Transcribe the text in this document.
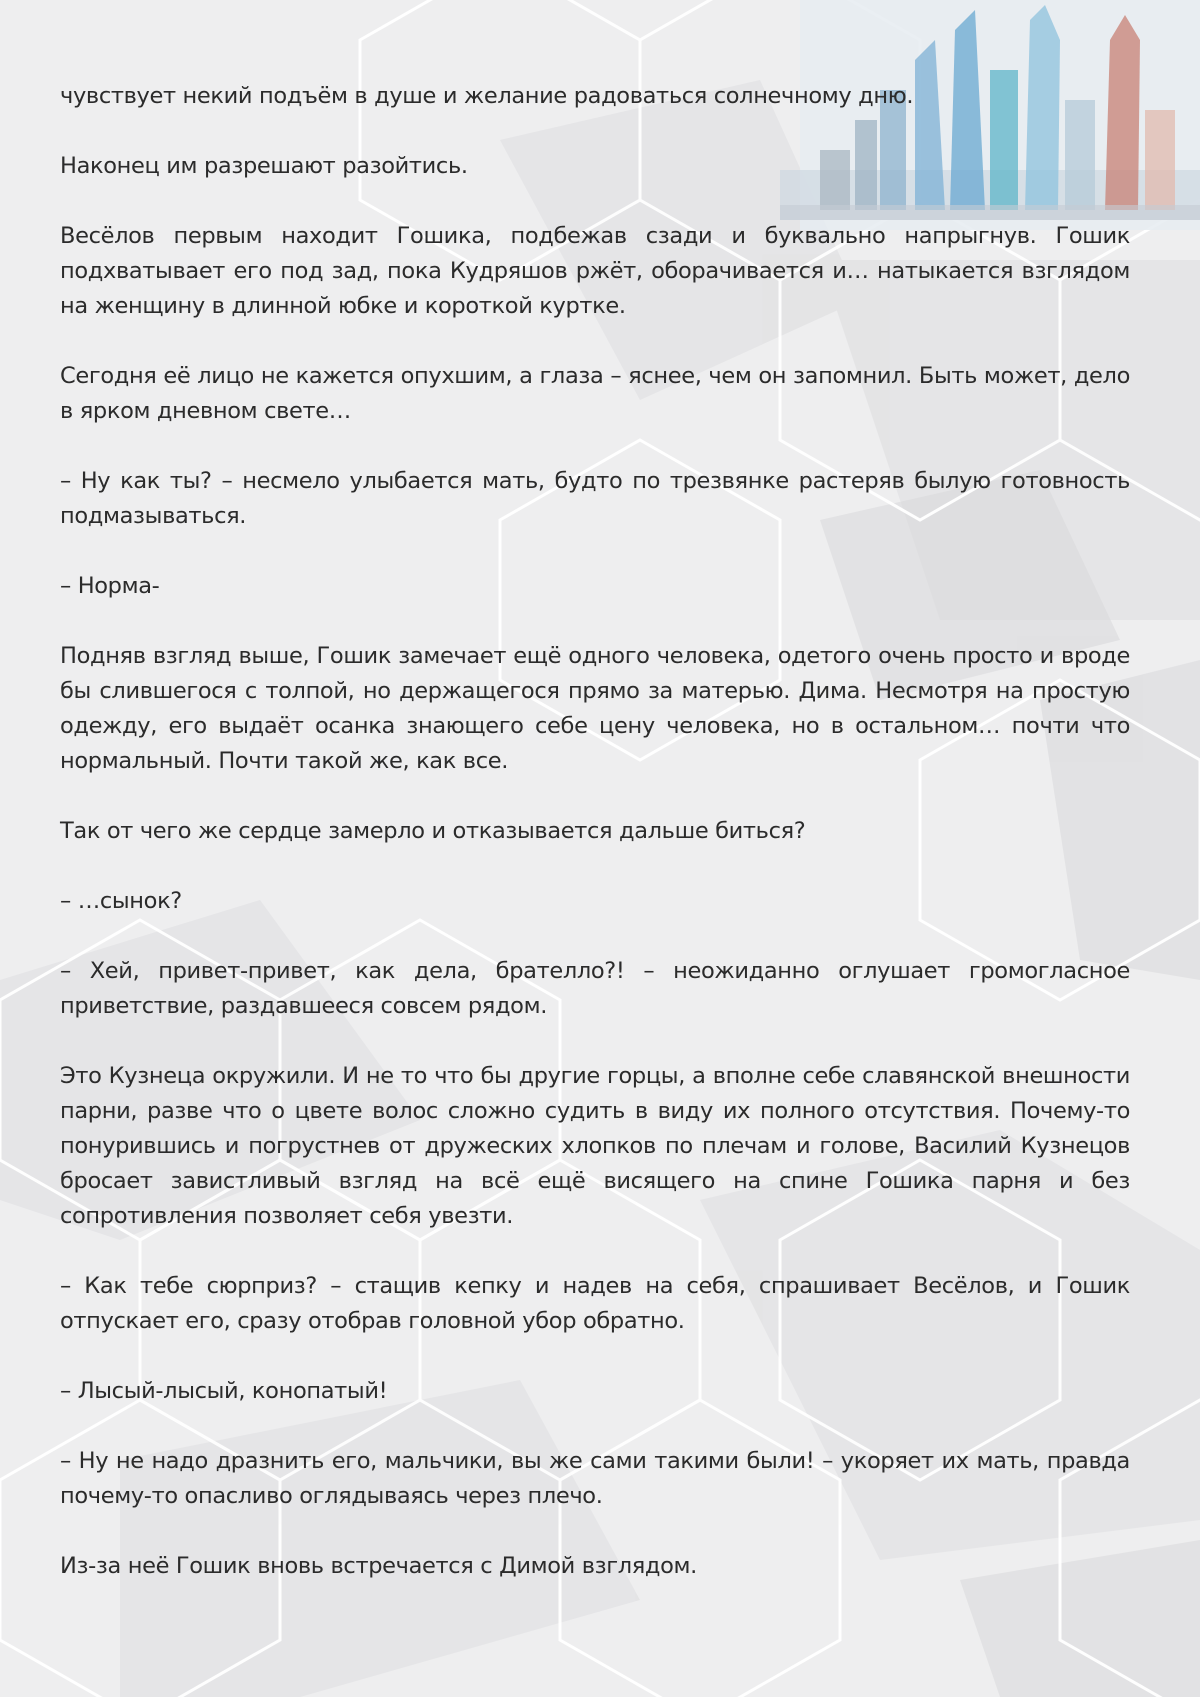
чувствует некий подъём в душе и желание радоваться солнечному дню.

Наконец им разрешают разойтись.

Весёлов первым находит Гошика, подбежав сзади и буквально напрыгнув. Гошик подхватывает его под зад, пока Кудряшов ржёт, оборачивается и… натыкается взглядом на женщину в длинной юбке и короткой куртке.

Сегодня её лицо не кажется опухшим, а глаза – яснее, чем он запомнил. Быть может, дело в ярком дневном свете…

– Ну как ты? – несмело улыбается мать, будто по трезвянке растеряв былую готовность подмазываться.

– Норма-

Подняв взгляд выше, Гошик замечает ещё одного человека, одетого очень просто и вроде бы слившегося с толпой, но держащегося прямо за матерью. Дима. Несмотря на простую одежду, его выдаёт осанка знающего себе цену человека, но в остальном… почти что нормальный. Почти такой же, как все.

Так от чего же сердце замерло и отказывается дальше биться?

– …сынок?

– Хей, привет-привет, как дела, брателло?! – неожиданно оглушает громогласное приветствие, раздавшееся совсем рядом.

Это Кузнеца окружили. И не то что бы другие горцы, а вполне себе славянской внешности парни, разве что о цвете волос сложно судить в виду их полного отсутствия. Почему-то понурившись и погрустнев от дружеских хлопков по плечам и голове, Василий Кузнецов бросает завистливый взгляд на всё ещё висящего на спине Гошика парня и без сопротивления позволяет себя увезти.

– Как тебе сюрприз? – стащив кепку и надев на себя, спрашивает Весёлов, и Гошик отпускает его, сразу отобрав головной убор обратно.

– Лысый-лысый, конопатый!

– Ну не надо дразнить его, мальчики, вы же сами такими были! – укоряет их мать, правда почему-то опасливо оглядываясь через плечо.

Из-за неё Гошик вновь встречается с Димой взглядом.
